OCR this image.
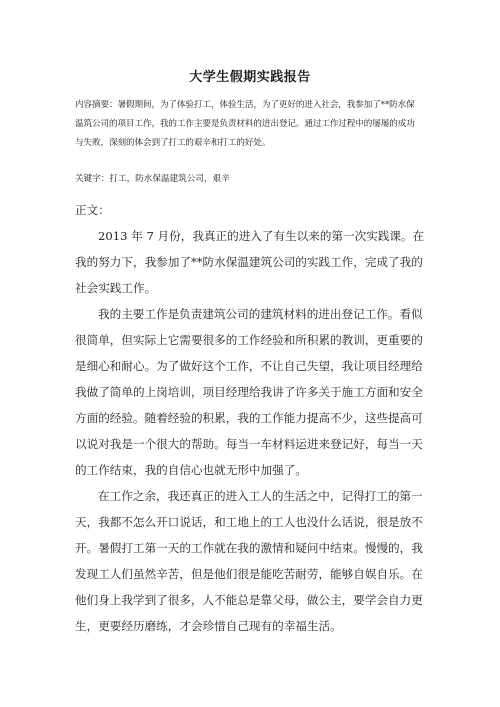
大学生假期实践报告
内容摘要：暑假期间，为了体验打工，体验生活，为了更好的进入社会，我参加了**防水保
温筑公司的项目工作，我的工作主要是负责材料的进出登记。通过工作过程中的屡屡的成功
与失败，深刻的体会到了打工的艰辛和打工的好处。
关键字：打工，防水保温建筑公司，艰辛
正文：
2013 年 7 月份，我真正的进入了有生以来的第一次实践课。在
我的努力下，我参加了**防水保温建筑公司的实践工作，完成了我的
社会实践工作。
我的主要工作是负责建筑公司的建筑材料的进出登记工作。看似
很简单，但实际上它需要很多的工作经验和所积累的教训，更重要的
是细心和耐心。为了做好这个工作，不让自己失望，我让项目经理给
我做了简单的上岗培训，项目经理给我讲了许多关于施工方面和安全
方面的经验。随着经验的积累，我的工作能力提高不少，这些提高可
以说对我是一个很大的帮助。每当一车材料运进来登记好，每当一天
的工作结束，我的自信心也就无形中加强了。
在工作之余，我还真正的进入工人的生活之中，记得打工的第一
天，我都不怎么开口说话，和工地上的工人也没什么话说，很是放不
开。暑假打工第一天的工作就在我的激情和疑问中结束。慢慢的，我
发现工人们虽然辛苦，但是他们很是能吃苦耐劳，能够自娱自乐。在
他们身上我学到了很多，人不能总是靠父母，做公主，要学会自力更
生，更要经历磨练，才会珍惜自己现有的幸福生活。
